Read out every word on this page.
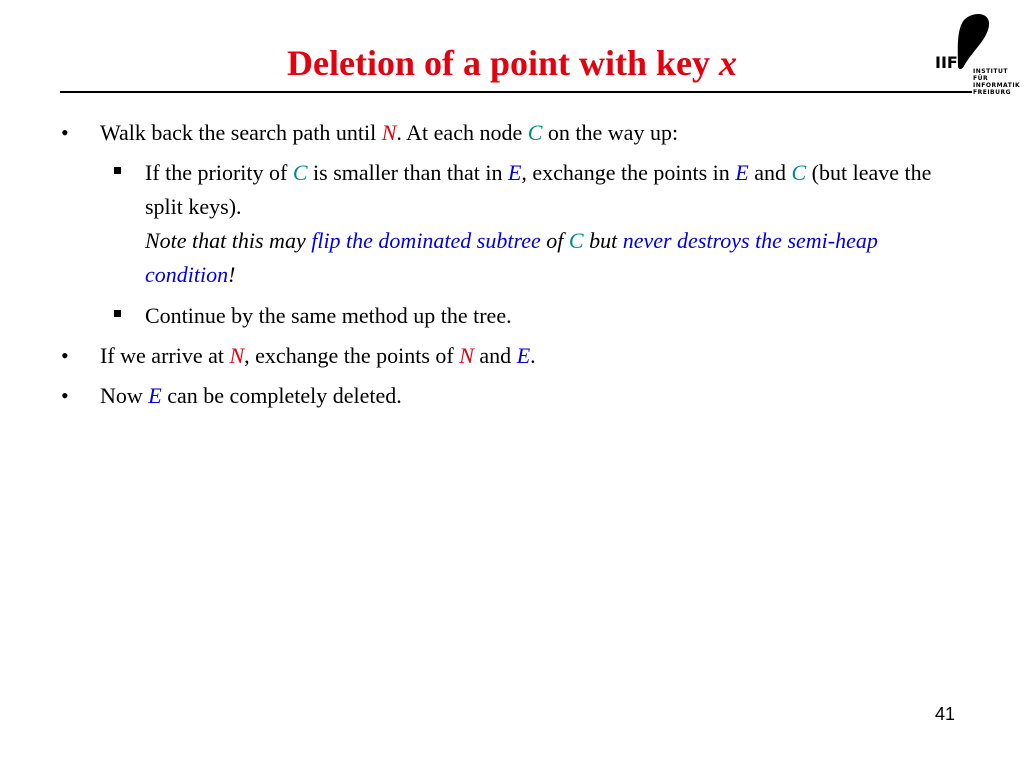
Deletion of a point with key x	IIF	INSTITUT FÜR
INFORMATIK
FREIBURG
• Walk back the search path until N. At each node C on the way up:
If the priority of C is smaller than that in E, exchange the points in E and C (but leave the split keys).
Note that this may flip the dominated subtree of C but never destroys the semi-heap condition!
Continue by the same method up the tree.
• If we arrive at N, exchange the points of N and E.
• Now E can be completely deleted.
41
